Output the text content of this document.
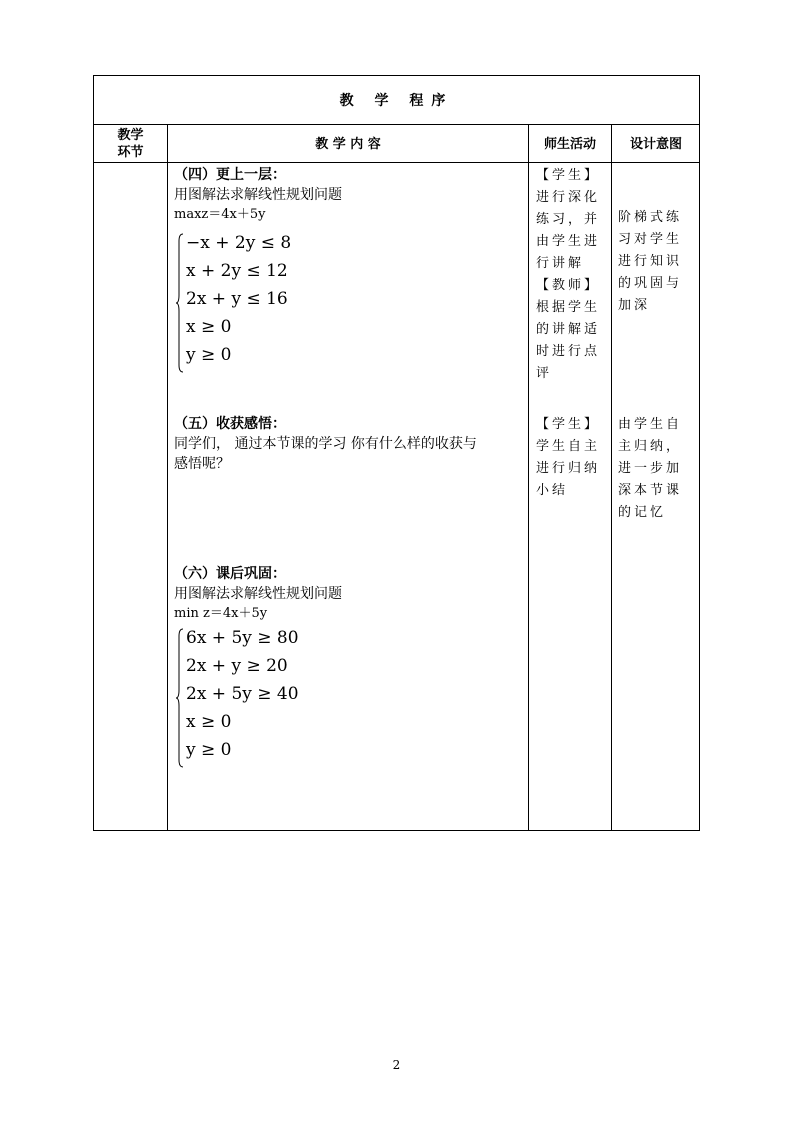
教 学 程序
教学
环节
教 学 内 容	师生活动	设计意图
（四）更上一层：
用图解法求解线性规划问题
maxz＝4x＋5y
−x + 2y ≤ 8
x + 2y ≤ 12
2x + y ≤ 16
x ≥ 0
y ≥ 0
【学生】进行深化练习，并由学生进行讲解【教师】根据学生的讲解适时进行点评
阶梯式练习对学生进行知识的巩固与加深
（五）收获感悟：
同学们， 通过本节课的学习 你有什么样的收获与
感悟呢？
【学生】学生自主进行归纳小结
由学生自主归纳，进一步加深本节课的记忆
（六）课后巩固：
用图解法求解线性规划问题
min z＝4x＋5y
6x + 5y ≥ 80
2x + y ≥ 20
2x + 5y ≥ 40
x ≥ 0
y ≥ 0
2
